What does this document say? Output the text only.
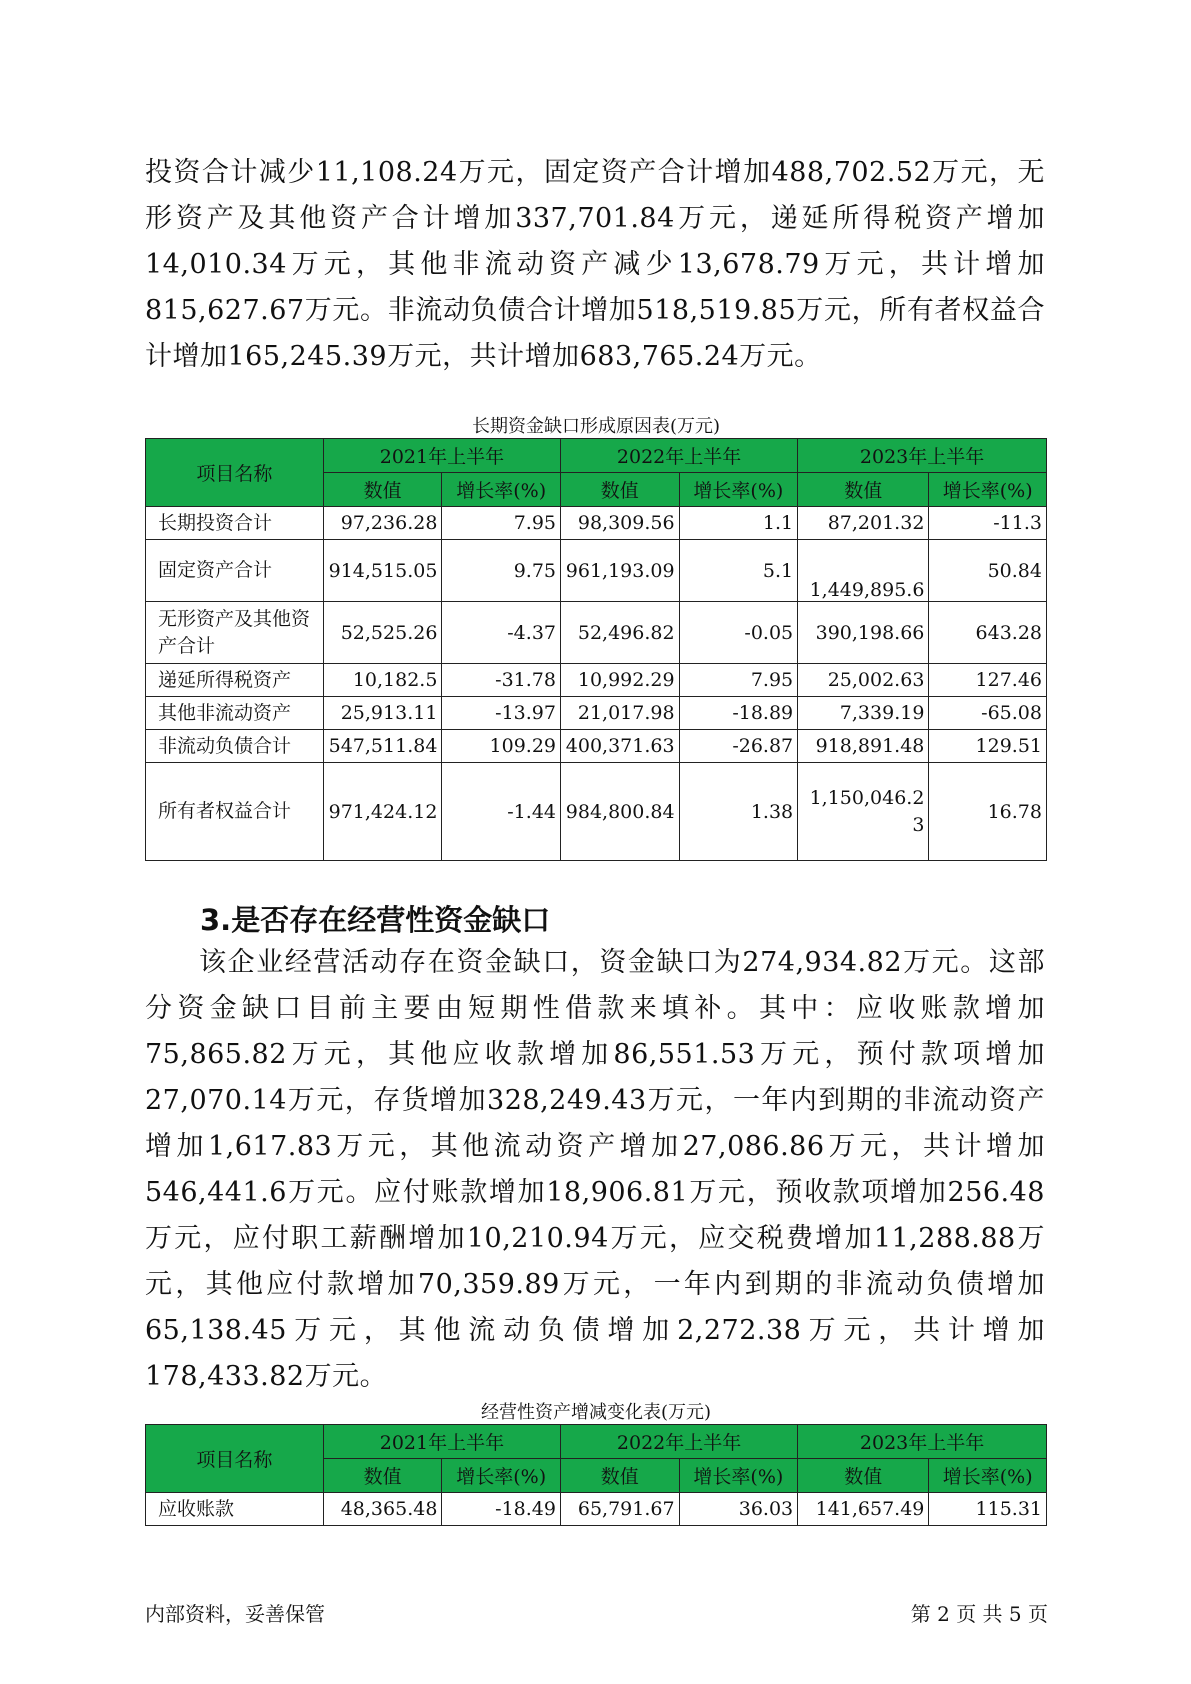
投资合计减少11,108.24万元，固定资产合计增加488,702.52万元，无形资产及其他资产合计增加337,701.84万元，递延所得税资产增加14,010.34万元，其他非流动资产减少13,678.79万元，共计增加815,627.67万元。非流动负债合计增加518,519.85万元，所有者权益合计增加165,245.39万元，共计增加683,765.24万元。

长期资金缺口形成原因表(万元)
项目名称	2021年上半年		2022年上半年		2023年上半年	
	数值	增长率(%)	数值	增长率(%)	数值	增长率(%)
长期投资合计	97,236.28	7.95	98,309.56	1.1	87,201.32	-11.3
固定资产合计	914,515.05	9.75	961,193.09	5.1	1,449,895.6	50.84
无形资产及其他资产合计	52,525.26	-4.37	52,496.82	-0.05	390,198.66	643.28
递延所得税资产	10,182.5	-31.78	10,992.29	7.95	25,002.63	127.46
其他非流动资产	25,913.11	-13.97	21,017.98	-18.89	7,339.19	-65.08
非流动负债合计	547,511.84	109.29	400,371.63	-26.87	918,891.48	129.51
所有者权益合计	971,424.12	-1.44	984,800.84	1.38	1,150,046.23	16.78
3.是否存在经营性资金缺口

该企业经营活动存在资金缺口，资金缺口为274,934.82万元。这部分资金缺口目前主要由短期性借款来填补。其中：应收账款增加75,865.82万元，其他应收款增加86,551.53万元，预付款项增加27,070.14万元，存货增加328,249.43万元，一年内到期的非流动资产增加1,617.83万元，其他流动资产增加27,086.86万元，共计增加546,441.6万元。应付账款增加18,906.81万元，预收款项增加256.48万元，应付职工薪酬增加10,210.94万元，应交税费增加11,288.88万元，其他应付款增加70,359.89万元，一年内到期的非流动负债增加65,138.45万元，其他流动负债增加2,272.38万元，共计增加178,433.82万元。

经营性资产增减变化表(万元)
项目名称	2021年上半年		2022年上半年		2023年上半年	
	数值	增长率(%)	数值	增长率(%)	数值	增长率(%)
应收账款	48,365.48	-18.49	65,791.67	36.03	141,657.49	115.31
内部资料，妥善保管	第 2 页 共 5 页
